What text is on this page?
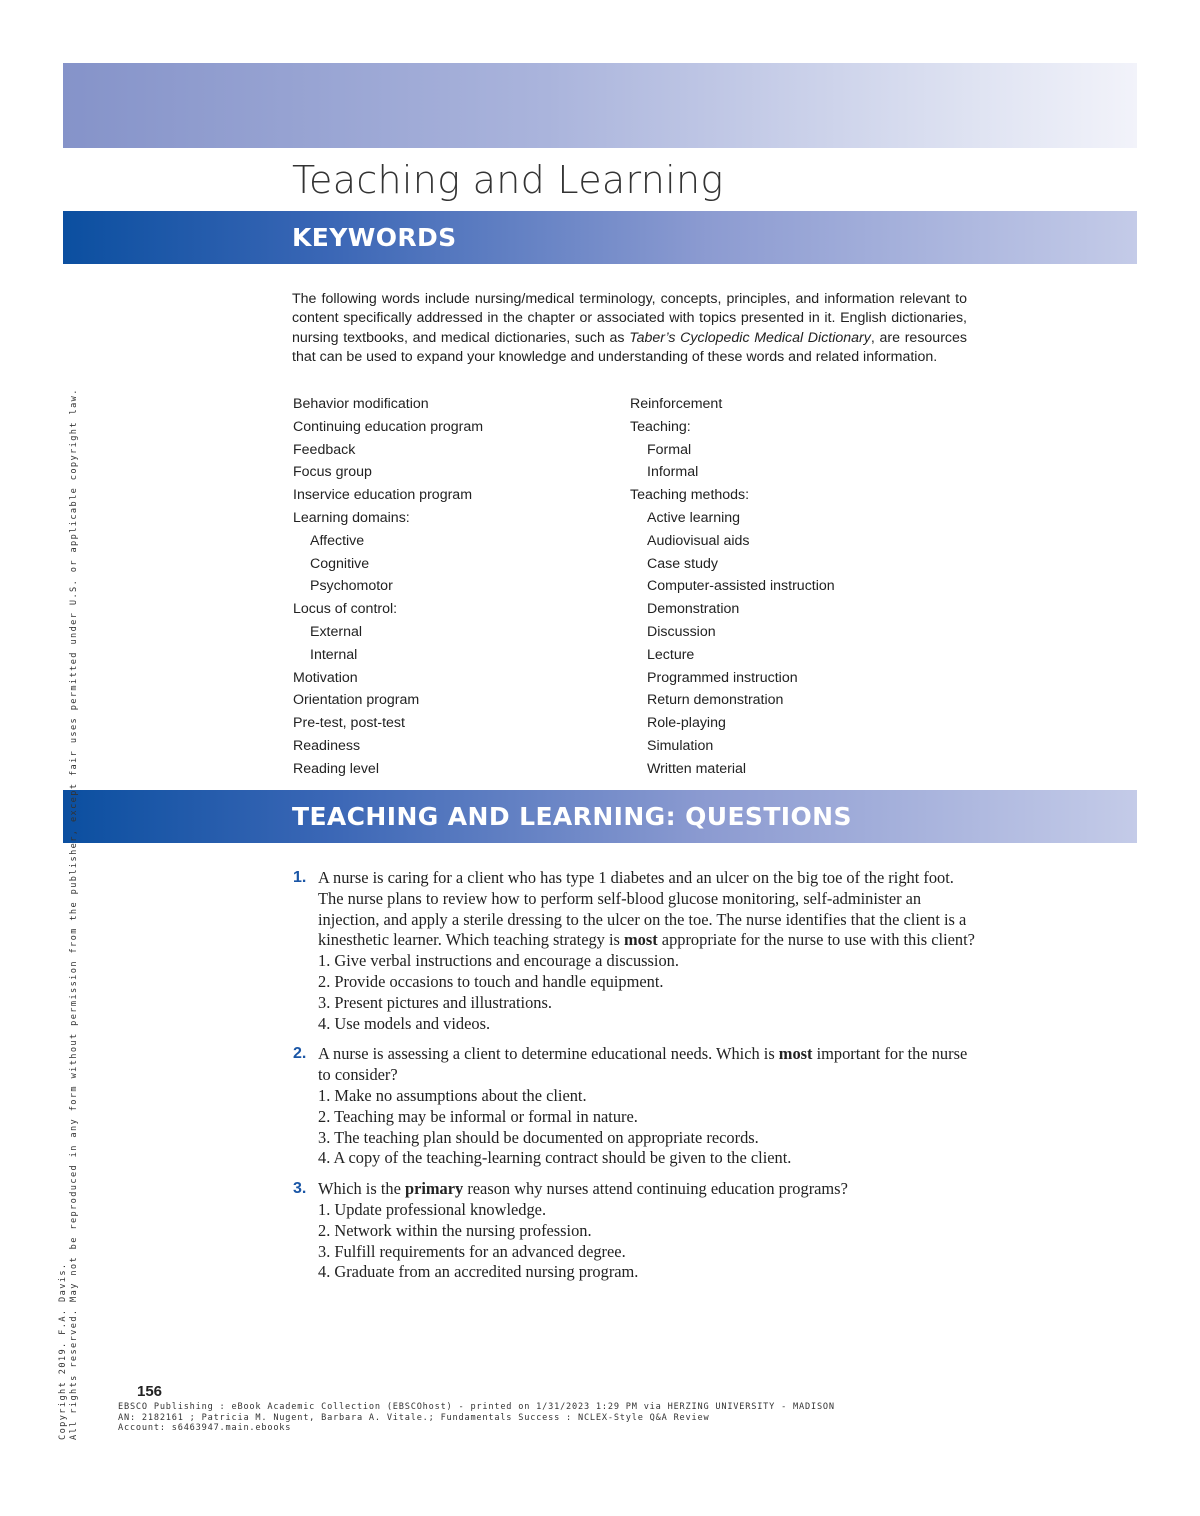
Teaching and Learning
KEYWORDS
The following words include nursing/medical terminology, concepts, principles, and information relevant to content specifically addressed in the chapter or associated with topics presented in it. English dictionaries, nursing textbooks, and medical dictionaries, such as Taber’s Cyclopedic Medical Dictionary, are resources that can be used to expand your knowledge and understanding of these words and related information.
Behavior modification
Continuing education program
Feedback
Focus group
Inservice education program
Learning domains:
Affective
Cognitive
Psychomotor
Locus of control:
External
Internal
Motivation
Orientation program
Pre-test, post-test
Readiness
Reading level
Reinforcement
Teaching:
Formal
Informal
Teaching methods:
Active learning
Audiovisual aids
Case study
Computer-assisted instruction
Demonstration
Discussion
Lecture
Programmed instruction
Return demonstration
Role-playing
Simulation
Written material
TEACHING AND LEARNING: QUESTIONS
1. A nurse is caring for a client who has type 1 diabetes and an ulcer on the big toe of the right foot. The nurse plans to review how to perform self-blood glucose monitoring, self-administer an injection, and apply a sterile dressing to the ulcer on the toe. The nurse identifies that the client is a kinesthetic learner. Which teaching strategy is most appropriate for the nurse to use with this client?
1. Give verbal instructions and encourage a discussion.
2. Provide occasions to touch and handle equipment.
3. Present pictures and illustrations.
4. Use models and videos.
2. A nurse is assessing a client to determine educational needs. Which is most important for the nurse to consider?
1. Make no assumptions about the client.
2. Teaching may be informal or formal in nature.
3. The teaching plan should be documented on appropriate records.
4. A copy of the teaching-learning contract should be given to the client.
3. Which is the primary reason why nurses attend continuing education programs?
1. Update professional knowledge.
2. Network within the nursing profession.
3. Fulfill requirements for an advanced degree.
4. Graduate from an accredited nursing program.
156
EBSCO Publishing : eBook Academic Collection (EBSCOhost) - printed on 1/31/2023 1:29 PM via HERZING UNIVERSITY - MADISON
AN: 2182161 ; Patricia M. Nugent, Barbara A. Vitale.; Fundamentals Success : NCLEX-Style Q&A Review
Account: s6463947.main.ebooks
Copyright 2019. F.A. Davis. All rights reserved. May not be reproduced in any form without permission from the publisher, except fair uses permitted under U.S. or applicable copyright law.
